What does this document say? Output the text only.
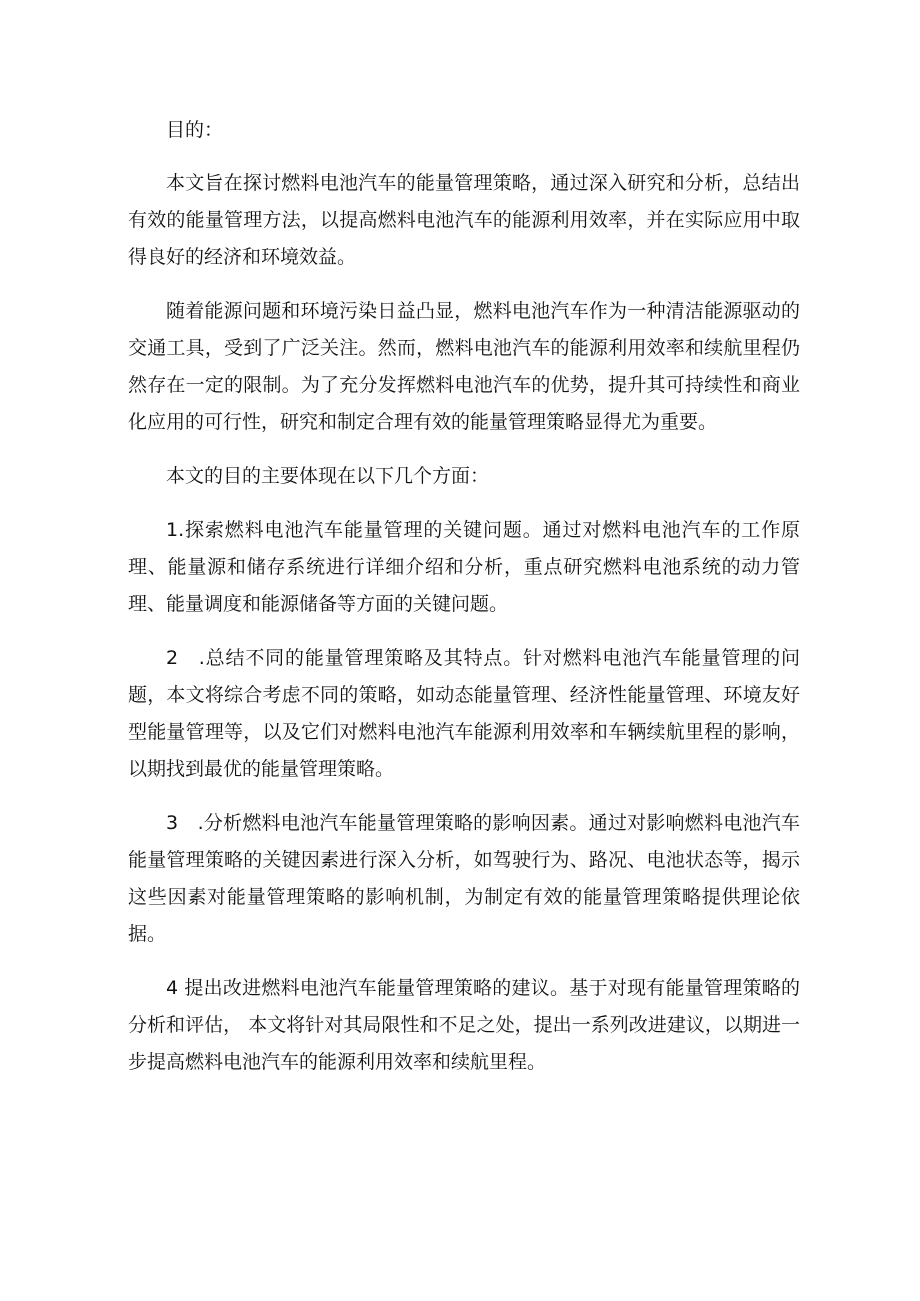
目的：

本文旨在探讨燃料电池汽车的能量管理策略，通过深入研究和分析，总结出有效的能量管理方法，以提高燃料电池汽车的能源利用效率，并在实际应用中取得良好的经济和环境效益。

随着能源问题和环境污染日益凸显，燃料电池汽车作为一种清洁能源驱动的交通工具，受到了广泛关注。然而，燃料电池汽车的能源利用效率和续航里程仍然存在一定的限制。为了充分发挥燃料电池汽车的优势，提升其可持续性和商业化应用的可行性，研究和制定合理有效的能量管理策略显得尤为重要。

本文的目的主要体现在以下几个方面：

1.探索燃料电池汽车能量管理的关键问题。通过对燃料电池汽车的工作原理、能量源和储存系统进行详细介绍和分析，重点研究燃料电池系统的动力管理、能量调度和能源储备等方面的关键问题。

2　.总结不同的能量管理策略及其特点。针对燃料电池汽车能量管理的问题，本文将综合考虑不同的策略，如动态能量管理、经济性能量管理、环境友好型能量管理等，以及它们对燃料电池汽车能源利用效率和车辆续航里程的影响，以期找到最优的能量管理策略。

3　.分析燃料电池汽车能量管理策略的影响因素。通过对影响燃料电池汽车能量管理策略的关键因素进行深入分析，如驾驶行为、路况、电池状态等，揭示这些因素对能量管理策略的影响机制，为制定有效的能量管理策略提供理论依据。

4 提出改进燃料电池汽车能量管理策略的建议。基于对现有能量管理策略的分析和评估， 本文将针对其局限性和不足之处，提出一系列改进建议，以期进一步提高燃料电池汽车的能源利用效率和续航里程。
